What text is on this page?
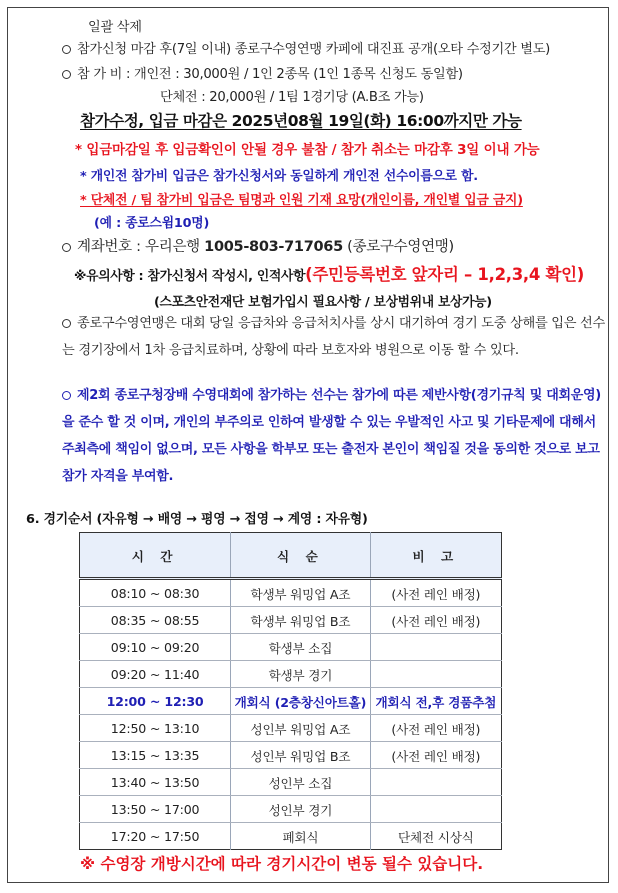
일괄 삭제
참가신청 마감 후(7일 이내) 종로구수영연맹 카페에 대진표 공개(오타 수정기간 별도)
참 가 비 : 개인전 : 30,000원 / 1인 2종목 (1인 1종목 신청도 동일함)
단체전 : 20,000원 / 1팀 1경기당 (A.B조 가능)
참가수정, 입금 마감은 2025년08월 19일(화) 16:00까지만 가능
* 입금마감일 후 입금확인이 안될 경우 불참 / 참가 취소는 마감후 3일 이내 가능
* 개인전 참가비 입금은 참가신청서와 동일하게 개인전 선수이름으로 함.
* 단체전 / 팀 참가비 입금은 팀명과 인원 기재 요망(개인이름, 개인별 입금 금지)
(예 : 종로스윔10명)
계좌번호 : 우리은행 1005-803-717065 (종로구수영연맹)
※유의사항 : 참가신청서 작성시, 인적사항(주민등록번호 앞자리 – 1,2,3,4 확인)
(스포츠안전재단 보험가입시 필요사항 / 보상범위내 보상가능)
종로구수영연맹은 대회 당일 응급차와 응급처치사를 상시 대기하여 경기 도중 상해를 입은 선수는 경기장에서 1차 응급치료하며, 상황에 따라 보호자와 병원으로 이동 할 수 있다.
제2회 종로구청장배 수영대회에 참가하는 선수는 참가에 따른 제반사항(경기규칙 및 대회운영)을 준수 할 것 이며, 개인의 부주의로 인하여 발생할 수 있는 우발적인 사고 및 기타문제에 대해서 주최측에 책임이 없으며, 모든 사항을 학부모 또는 출전자 본인이 책임질 것을 동의한 것으로 보고 참가 자격을 부여함.
6. 경기순서 (자유형 → 배영 → 평영 → 접영 → 계영 : 자유형)
시 간	식 순	비 고
08:10 ~ 08:30	학생부 워밍업 A조	(사전 레인 배정)
08:35 ~ 08:55	학생부 워밍업 B조	(사전 레인 배정)
09:10 ~ 09:20	학생부 소집	
09:20 ~ 11:40	학생부 경기	
12:00 ~ 12:30	개회식 (2층창신아트홀)	개회식 전,후 경품추첨
12:50 ~ 13:10	성인부 워밍업 A조	(사전 레인 배정)
13:15 ~ 13:35	성인부 워밍업 B조	(사전 레인 배정)
13:40 ~ 13:50	성인부 소집	
13:50 ~ 17:00	성인부 경기	
17:20 ~ 17:50	폐회식	단체전 시상식
※ 수영장 개방시간에 따라 경기시간이 변동 될수 있습니다.
